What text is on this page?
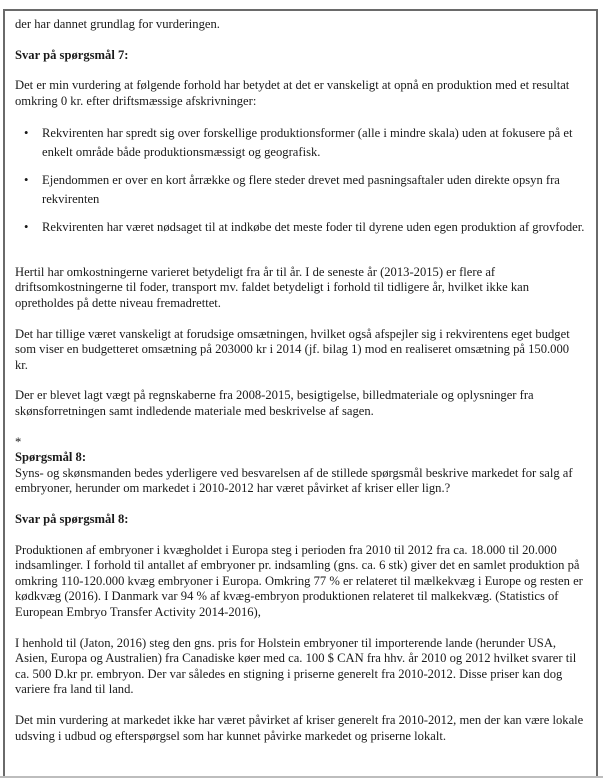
der har dannet grundlag for vurderingen.

Svar på spørgsmål 7:

Det er min vurdering at følgende forhold har betydet at det er vanskeligt at opnå en produktion med et resultat omkring 0 kr. efter driftsmæssige afskrivninger:

• Rekvirenten har spredt sig over forskellige produktionsformer (alle i mindre skala) uden at fokusere på et enkelt område både produktionsmæssigt og geografisk.
• Ejendommen er over en kort årrække og flere steder drevet med pasningsaftaler uden direkte opsyn fra rekvirenten
• Rekvirenten har været nødsaget til at indkøbe det meste foder til dyrene uden egen produktion af grovfoder.

Hertil har omkostningerne varieret betydeligt fra år til år. I de seneste år (2013-2015) er flere af driftsomkostningerne til foder, transport mv. faldet betydeligt i forhold til tidligere år, hvilket ikke kan opretholdes på dette niveau fremadrettet.

Det har tillige været vanskeligt at forudsige omsætningen, hvilket også afspejler sig i rekvirentens eget budget som viser en budgetteret omsætning på 203000 kr i 2014 (jf. bilag 1) mod en realiseret omsætning på 150.000 kr.

Der er blevet lagt vægt på regnskaberne fra 2008-2015, besigtigelse, billedmateriale og oplysninger fra skønsforretningen samt indledende materiale med beskrivelse af sagen.

*

Spørgsmål 8:

Syns- og skønsmanden bedes yderligere ved besvarelsen af de stillede spørgsmål beskrive markedet for salg af embryoner, herunder om markedet i 2010-2012 har været påvirket af kriser eller lign.?

Svar på spørgsmål 8:

Produktionen af embryoner i kvægholdet i Europa steg i perioden fra 2010 til 2012 fra ca. 18.000 til 20.000 indsamlinger. I forhold til antallet af embryoner pr. indsamling (gns. ca. 6 stk) giver det en samlet produktion på omkring 110-120.000 kvæg embryoner i Europa. Omkring 77 % er relateret til mælkekvæg i Europe og resten er kødkvæg (2016). I Danmark var 94 % af kvæg-embryon produktionen relateret til malkekvæg. (Statistics of European Embryo Transfer Activity 2014-2016),

I henhold til (Jaton, 2016) steg den gns. pris for Holstein embryoner til importerende lande (herunder USA, Asien, Europa og Australien) fra Canadiske køer med ca. 100 $ CAN fra hhv. år 2010 og 2012 hvilket svarer til ca. 500 D.kr pr. embryon. Der var således en stigning i priserne generelt fra 2010-2012. Disse priser kan dog variere fra land til land.

Det min vurdering at markedet ikke har været påvirket af kriser generelt fra 2010-2012, men der kan være lokale udsving i udbud og efterspørgsel som har kunnet påvirke markedet og priserne lokalt.
